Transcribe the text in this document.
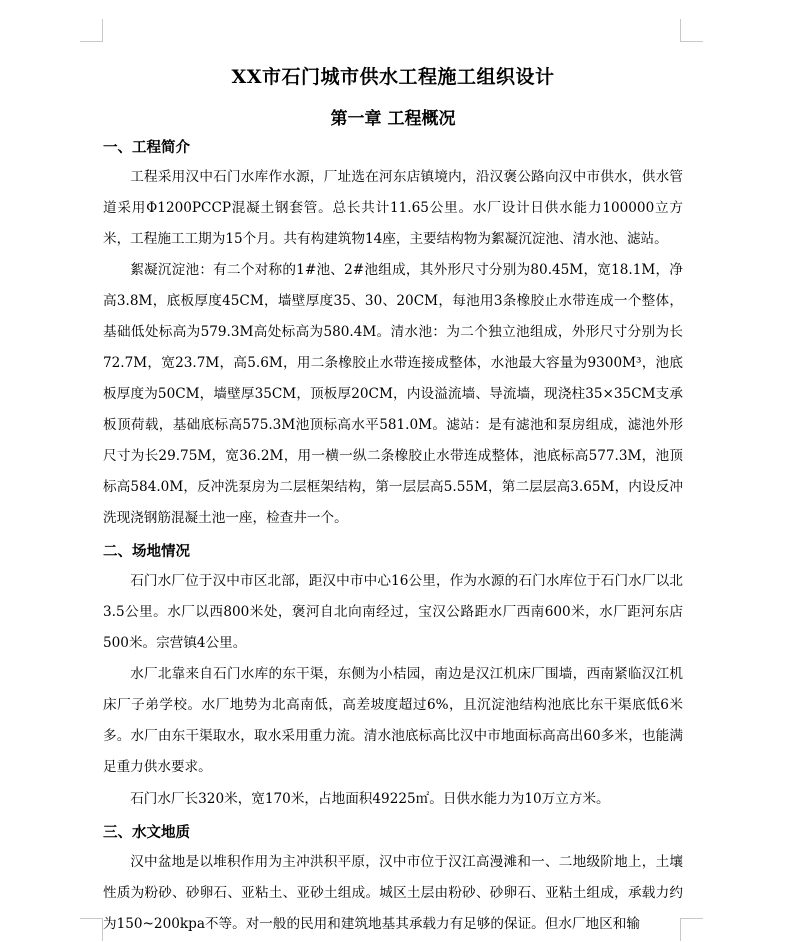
XX市石门城市供水工程施工组织设计
第一章 工程概况
一、工程简介

工程采用汉中石门水库作水源，厂址选在河东店镇境内，沿汉褒公路向汉中市供水，供水管道采用Φ1200PCCP混凝土钢套管。总长共计11.65公里。水厂设计日供水能力100000立方米，工程施工工期为15个月。共有构建筑物14座，主要结构物为絮凝沉淀池、清水池、滤站。

絮凝沉淀池：有二个对称的1#池、2#池组成，其外形尺寸分别为80.45M，宽18.1M，净高3.8M，底板厚度45CM，墙壁厚度35、30、20CM，每池用3条橡胶止水带连成一个整体，基础低处标高为579.3M高处标高为580.4M。清水池：为二个独立池组成，外形尺寸分别为长72.7M，宽23.7M，高5.6M，用二条橡胶止水带连接成整体，水池最大容量为9300M³，池底板厚度为50CM，墙壁厚35CM，顶板厚20CM，内设溢流墙、导流墙，现浇柱35×35CM支承板顶荷载，基础底标高575.3M池顶标高水平581.0M。滤站：是有滤池和泵房组成，滤池外形尺寸为长29.75M，宽36.2M，用一横一纵二条橡胶止水带连成整体，池底标高577.3M，池顶标高584.0M，反冲洗泵房为二层框架结构，第一层层高5.55M，第二层层高3.65M，内设反冲洗现浇钢筋混凝土池一座，检查井一个。

二、场地情况

石门水厂位于汉中市区北部，距汉中市中心16公里，作为水源的石门水库位于石门水厂以北3.5公里。水厂以西800米处，褒河自北向南经过，宝汉公路距水厂西南600米，水厂距河东店500米。宗营镇4公里。

水厂北靠来自石门水库的东干渠，东侧为小桔园，南边是汉江机床厂围墙，西南紧临汉江机床厂子弟学校。水厂地势为北高南低，高差坡度超过6%，且沉淀池结构池底比东干渠底低6米多。水厂由东干渠取水，取水采用重力流。清水池底标高比汉中市地面标高高出60多米，也能满足重力供水要求。

石门水厂长320米，宽170米，占地面积49225㎡。日供水能力为10万立方米。

三、水文地质

汉中盆地是以堆积作用为主冲洪积平原，汉中市位于汉江高漫滩和一、二地级阶地上，土壤性质为粉砂、砂卵石、亚粘土、亚砂土组成。城区土层由粉砂、砂卵石、亚粘土组成，承载力约为150~200kpa不等。对一般的民用和建筑地基其承载力有足够的保证。但水厂地区和输
